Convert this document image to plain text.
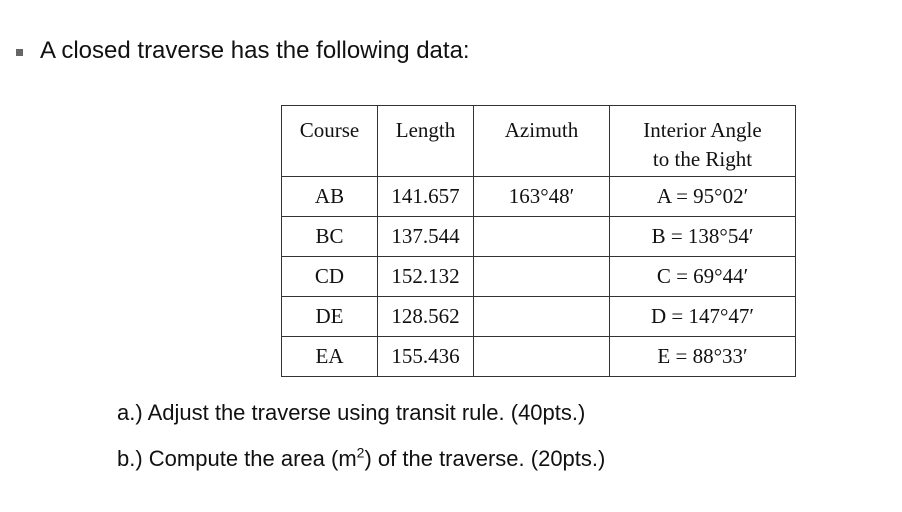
A closed traverse has the following data:
Course	Length	Azimuth	Interior Angle
to the Right
AB	141.657	163°48′	A = 95°02′
BC	137.544		B = 138°54′
CD	152.132		C = 69°44′
DE	128.562		D = 147°47′
EA	155.436		E = 88°33′
a.) Adjust the traverse using transit rule. (40pts.)
b.) Compute the area $(m^2)$ of the traverse. (20pts.)
